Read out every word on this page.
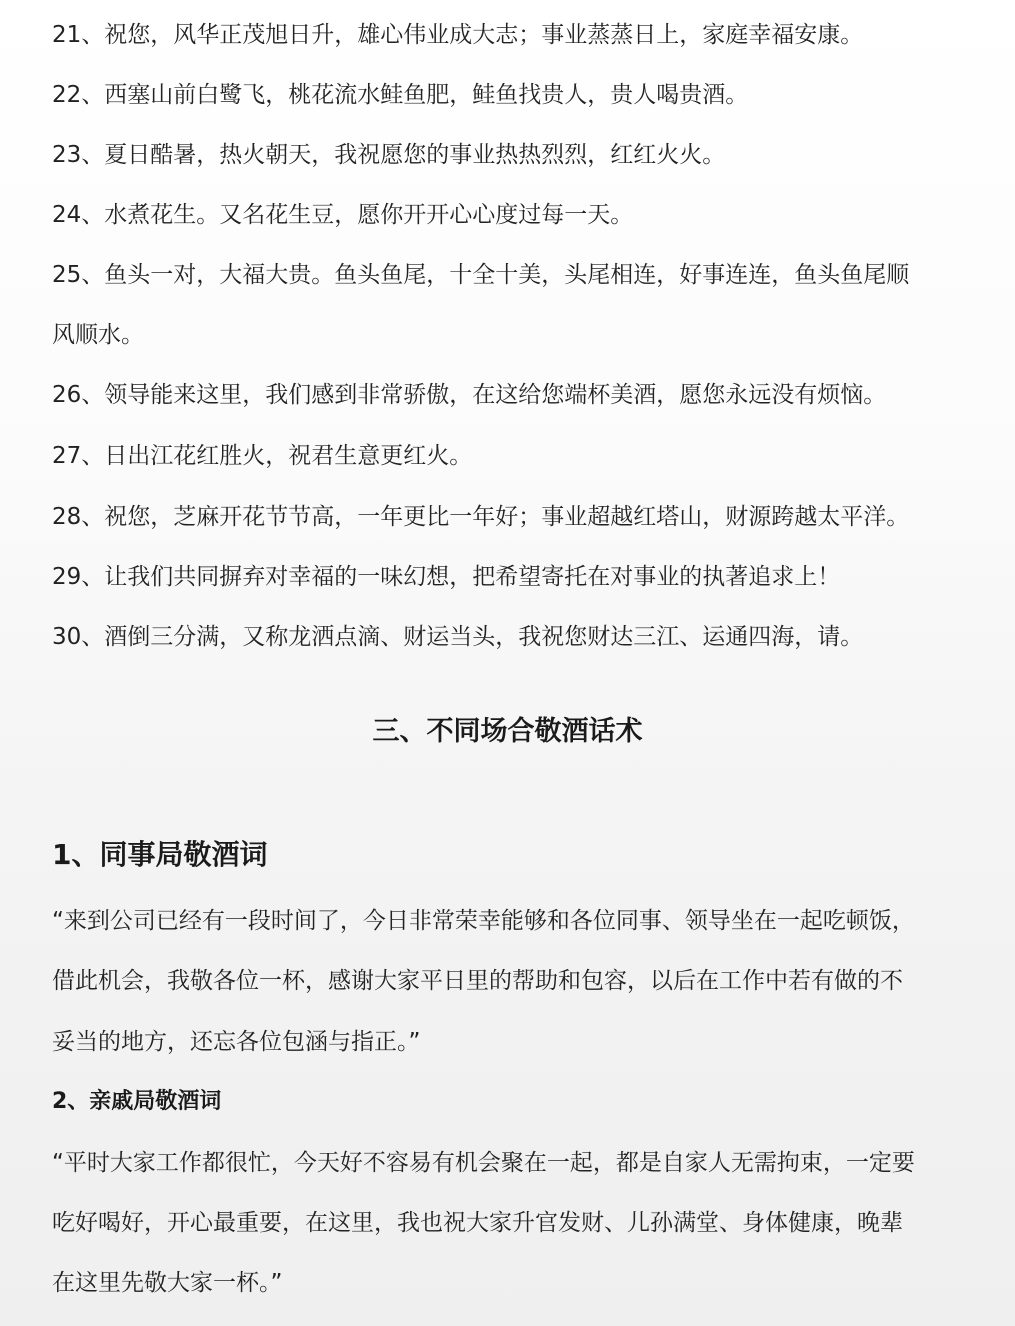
21、祝您，风华正茂旭日升，雄心伟业成大志；事业蒸蒸日上，家庭幸福安康。
22、西塞山前白鹭飞，桃花流水鲑鱼肥，鲑鱼找贵人，贵人喝贵酒。
23、夏日酷暑，热火朝天，我祝愿您的事业热热烈烈，红红火火。
24、水煮花生。又名花生豆，愿你开开心心度过每一天。
25、鱼头一对，大福大贵。鱼头鱼尾，十全十美，头尾相连，好事连连，鱼头鱼尾顺
风顺水。
26、领导能来这里，我们感到非常骄傲，在这给您端杯美酒，愿您永远没有烦恼。
27、日出江花红胜火，祝君生意更红火。
28、祝您，芝麻开花节节高，一年更比一年好；事业超越红塔山，财源跨越太平洋。
29、让我们共同摒弃对幸福的一味幻想，把希望寄托在对事业的执著追求上！
30、酒倒三分满，又称龙洒点滴、财运当头，我祝您财达三江、运通四海，请。
三、不同场合敬酒话术
1、同事局敬酒词
“来到公司已经有一段时间了，今日非常荣幸能够和各位同事、领导坐在一起吃顿饭，
借此机会，我敬各位一杯，感谢大家平日里的帮助和包容，以后在工作中若有做的不
妥当的地方，还忘各位包涵与指正。”
2、亲戚局敬酒词
“平时大家工作都很忙，今天好不容易有机会聚在一起，都是自家人无需拘束，一定要
吃好喝好，开心最重要，在这里，我也祝大家升官发财、儿孙满堂、身体健康，晚辈
在这里先敬大家一杯。”
